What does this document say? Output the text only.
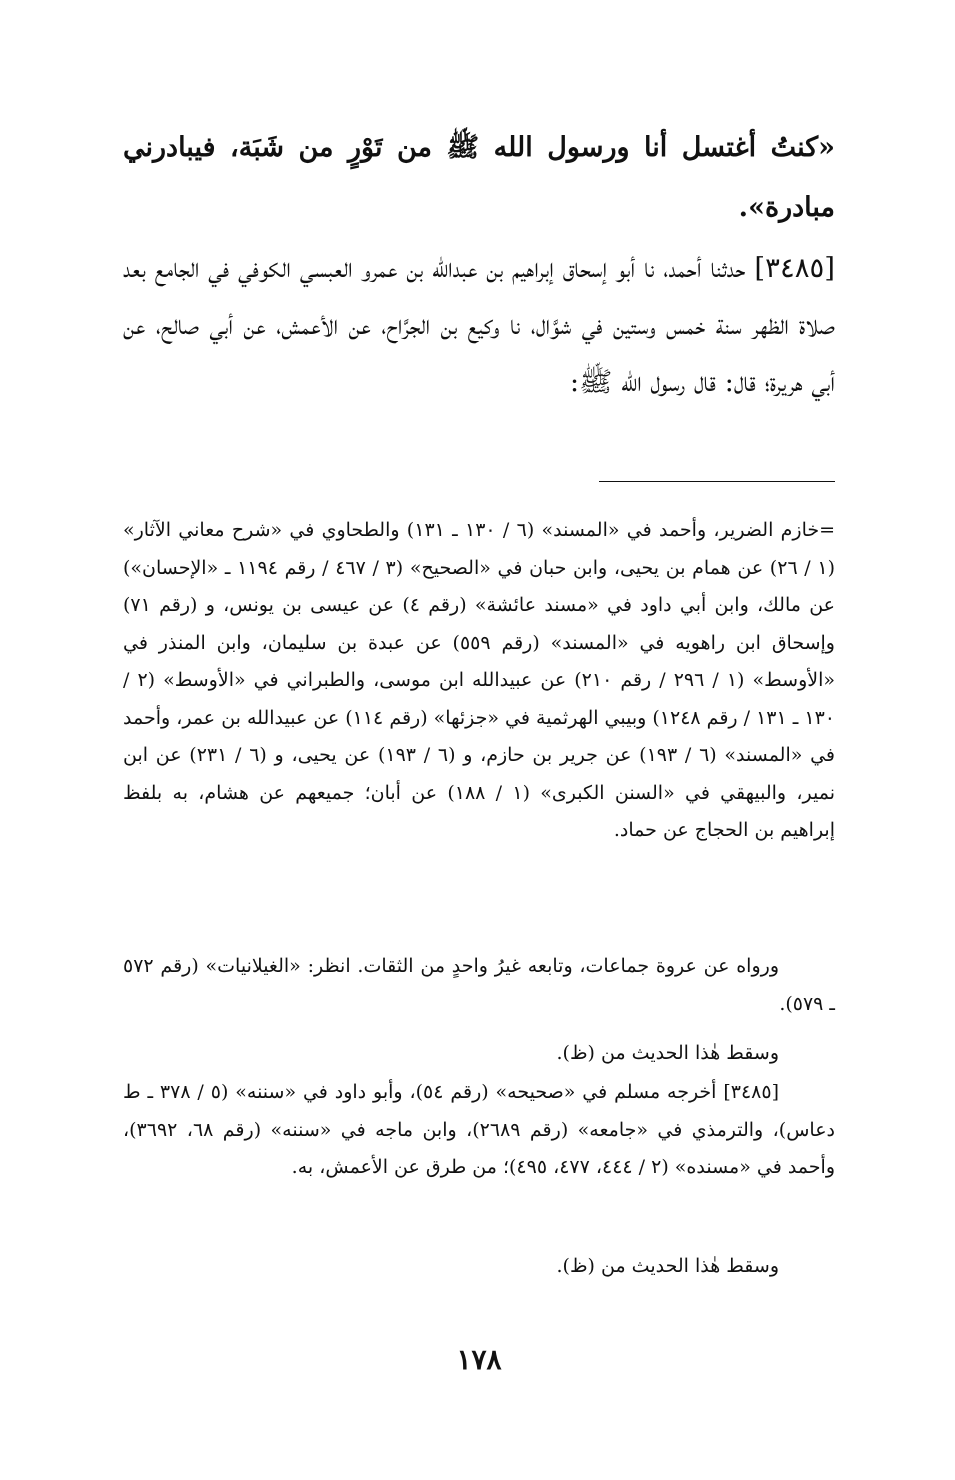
«كنتُ أغتسل أنا ورسول الله ﷺ من تَوْرٍ من شَبَة، فيبادرني مبادرة».

[٣٤٨٥] حدثنا أحمد، نا أبو إسحاق إبراهيم بن عبدالله بن عمرو العبسي الكوفي في الجامع بعد صلاة الظهر سنة خمس وستين في شوَّال، نا وكيع بن الجرَّاح، عن الأعمش، عن أبي صالح، عن أبي هريرة؛ قال: قال رسول الله ﷺ:

=خازم الضرير، وأحمد في «المسند» (٦ / ١٣٠ ـ ١٣١) والطحاوي في «شرح معاني الآثار» (١ / ٢٦) عن همام بن يحيى، وابن حبان في «الصحيح» (٣ / ٤٦٧ / رقم ١١٩٤ ـ «الإحسان») عن مالك، وابن أبي داود في «مسند عائشة» (رقم ٤) عن عيسى بن يونس، و (رقم ٧١) وإسحاق ابن راهويه في «المسند» (رقم ٥٥٩) عن عبدة بن سليمان، وابن المنذر في «الأوسط» (١ / ٢٩٦ / رقم ٢١٠) عن عبيدالله ابن موسى، والطبراني في «الأوسط» (٢ / ١٣٠ ـ ١٣١ / رقم ١٢٤٨) وبيبي الهرثمية في «جزئها» (رقم ١١٤) عن عبيدالله بن عمر، وأحمد في «المسند» (٦ / ١٩٣) عن جرير بن حازم، و (٦ / ١٩٣) عن يحيى، و (٦ / ٢٣١) عن ابن نمير، والبيهقي في «السنن الكبرى» (١ / ١٨٨) عن أبان؛ جميعهم عن هشام، به بلفظ إبراهيم بن الحجاج عن حماد.

ورواه عن عروة جماعات، وتابعه غيرُ واحدٍ من الثقات. انظر: «الغيلانيات» (رقم ٥٧٢ ـ ٥٧٩).

وسقط هٰذا الحديث من (ظ).

[٣٤٨٥] أخرجه مسلم في «صحيحه» (رقم ٥٤)، وأبو داود في «سننه» (٥ / ٣٧٨ ـ ط دعاس)، والترمذي في «جامعه» (رقم ٢٦٨٩)، وابن ماجه في «سننه» (رقم ٦٨، ٣٦٩٢)، وأحمد في «مسنده» (٢ / ٤٤٤، ٤٧٧، ٤٩٥)؛ من طرق عن الأعمش، به.

وسقط هٰذا الحديث من (ظ).

١٧٨
